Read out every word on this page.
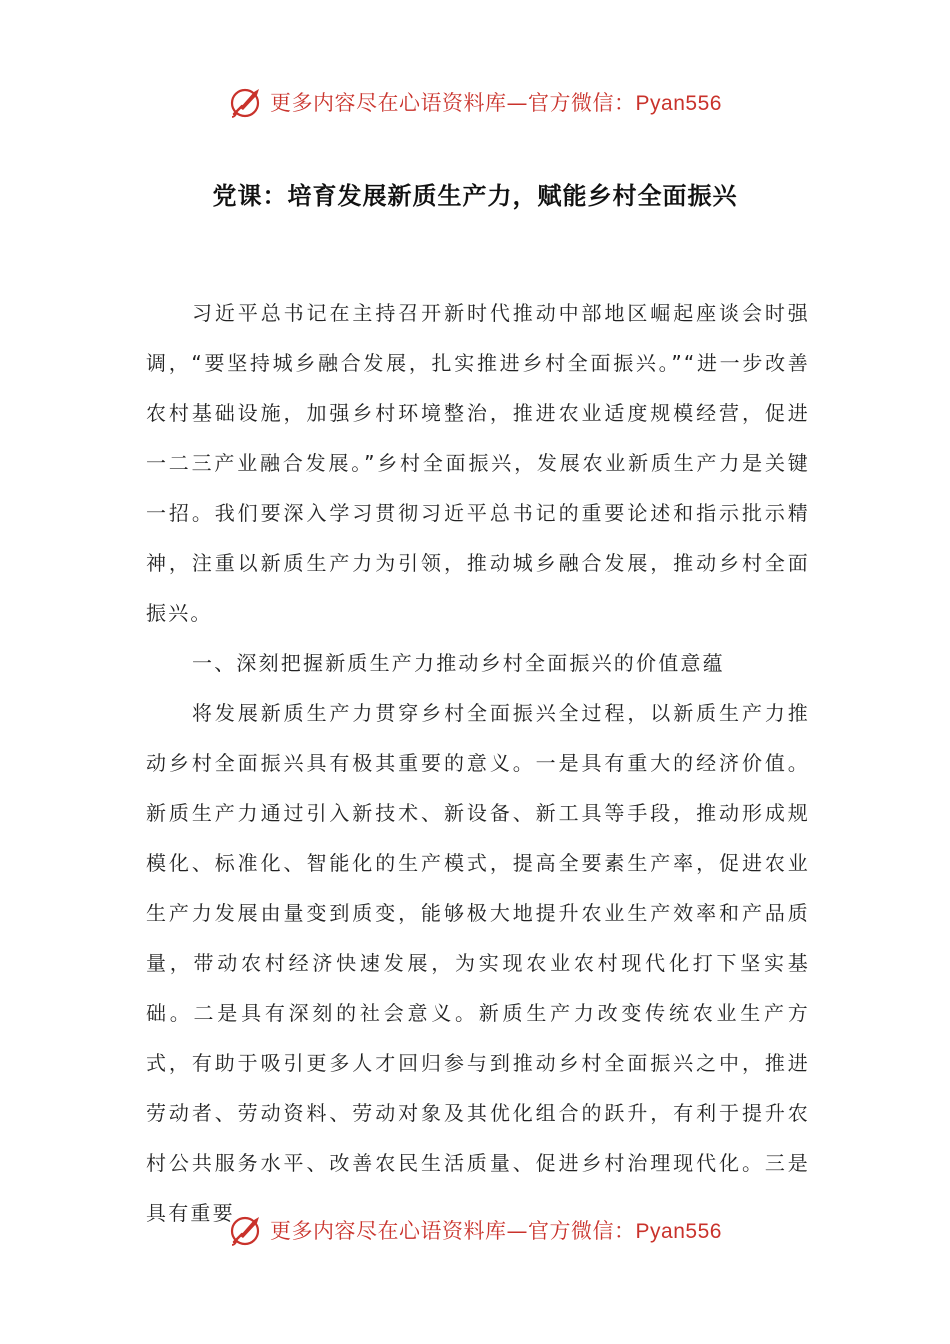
更多内容尽在心语资料库—官方微信：Pyan556
党课：培育发展新质生产力，赋能乡村全面振兴

习近平总书记在主持召开新时代推动中部地区崛起座谈会时强调，“要坚持城乡融合发展，扎实推进乡村全面振兴。”“进一步改善农村基础设施，加强乡村环境整治，推进农业适度规模经营，促进一二三产业融合发展。”乡村全面振兴，发展农业新质生产力是关键一招。我们要深入学习贯彻习近平总书记的重要论述和指示批示精神，注重以新质生产力为引领，推动城乡融合发展，推动乡村全面振兴。

一、深刻把握新质生产力推动乡村全面振兴的价值意蕴

将发展新质生产力贯穿乡村全面振兴全过程，以新质生产力推动乡村全面振兴具有极其重要的意义。一是具有重大的经济价值。新质生产力通过引入新技术、新设备、新工具等手段，推动形成规模化、标准化、智能化的生产模式，提高全要素生产率，促进农业生产力发展由量变到质变，能够极大地提升农业生产效率和产品质量，带动农村经济快速发展，为实现农业农村现代化打下坚实基础。二是具有深刻的社会意义。新质生产力改变传统农业生产方式，有助于吸引更多人才回归参与到推动乡村全面振兴之中，推进劳动者、劳动资料、劳动对象及其优化组合的跃升，有利于提升农村公共服务水平、改善农民生活质量、促进乡村治理现代化。三是具有重要

更多内容尽在心语资料库—官方微信：Pyan556
